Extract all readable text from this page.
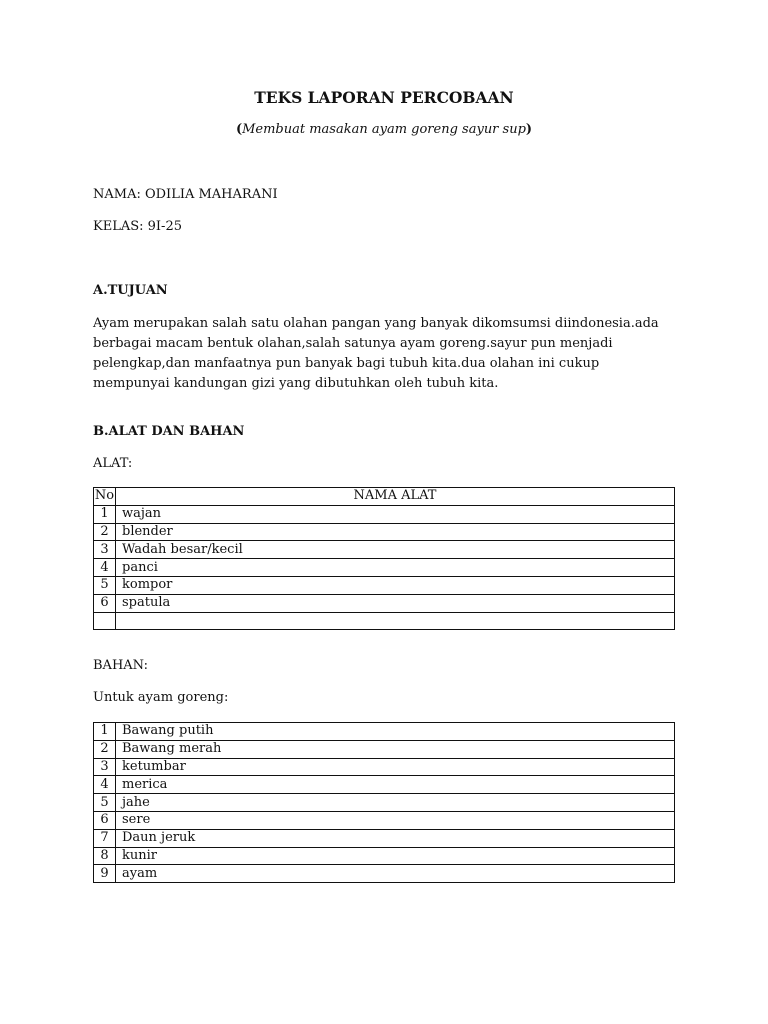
TEKS LAPORAN PERCOBAAN

(Membuat masakan ayam goreng sayur sup)

NAMA: ODILIA MAHARANI

KELAS: 9I-25

A.TUJUAN

Ayam merupakan salah satu olahan pangan yang banyak dikomsumsi diindonesia.ada
berbagai macam bentuk olahan,salah satunya ayam goreng.sayur pun menjadi
pelengkap,dan manfaatnya pun banyak bagi tubuh kita.dua olahan ini cukup
mempunyai kandungan gizi yang dibutuhkan oleh tubuh kita.

B.ALAT DAN BAHAN

ALAT:

No	NAMA ALAT
1	wajan
2	blender
3	Wadah besar/kecil
4	panci
5	kompor
6	spatula

BAHAN:

Untuk ayam goreng:

1	Bawang putih
2	Bawang merah
3	ketumbar
4	merica
5	jahe
6	sere
7	Daun jeruk
8	kunir
9	ayam
